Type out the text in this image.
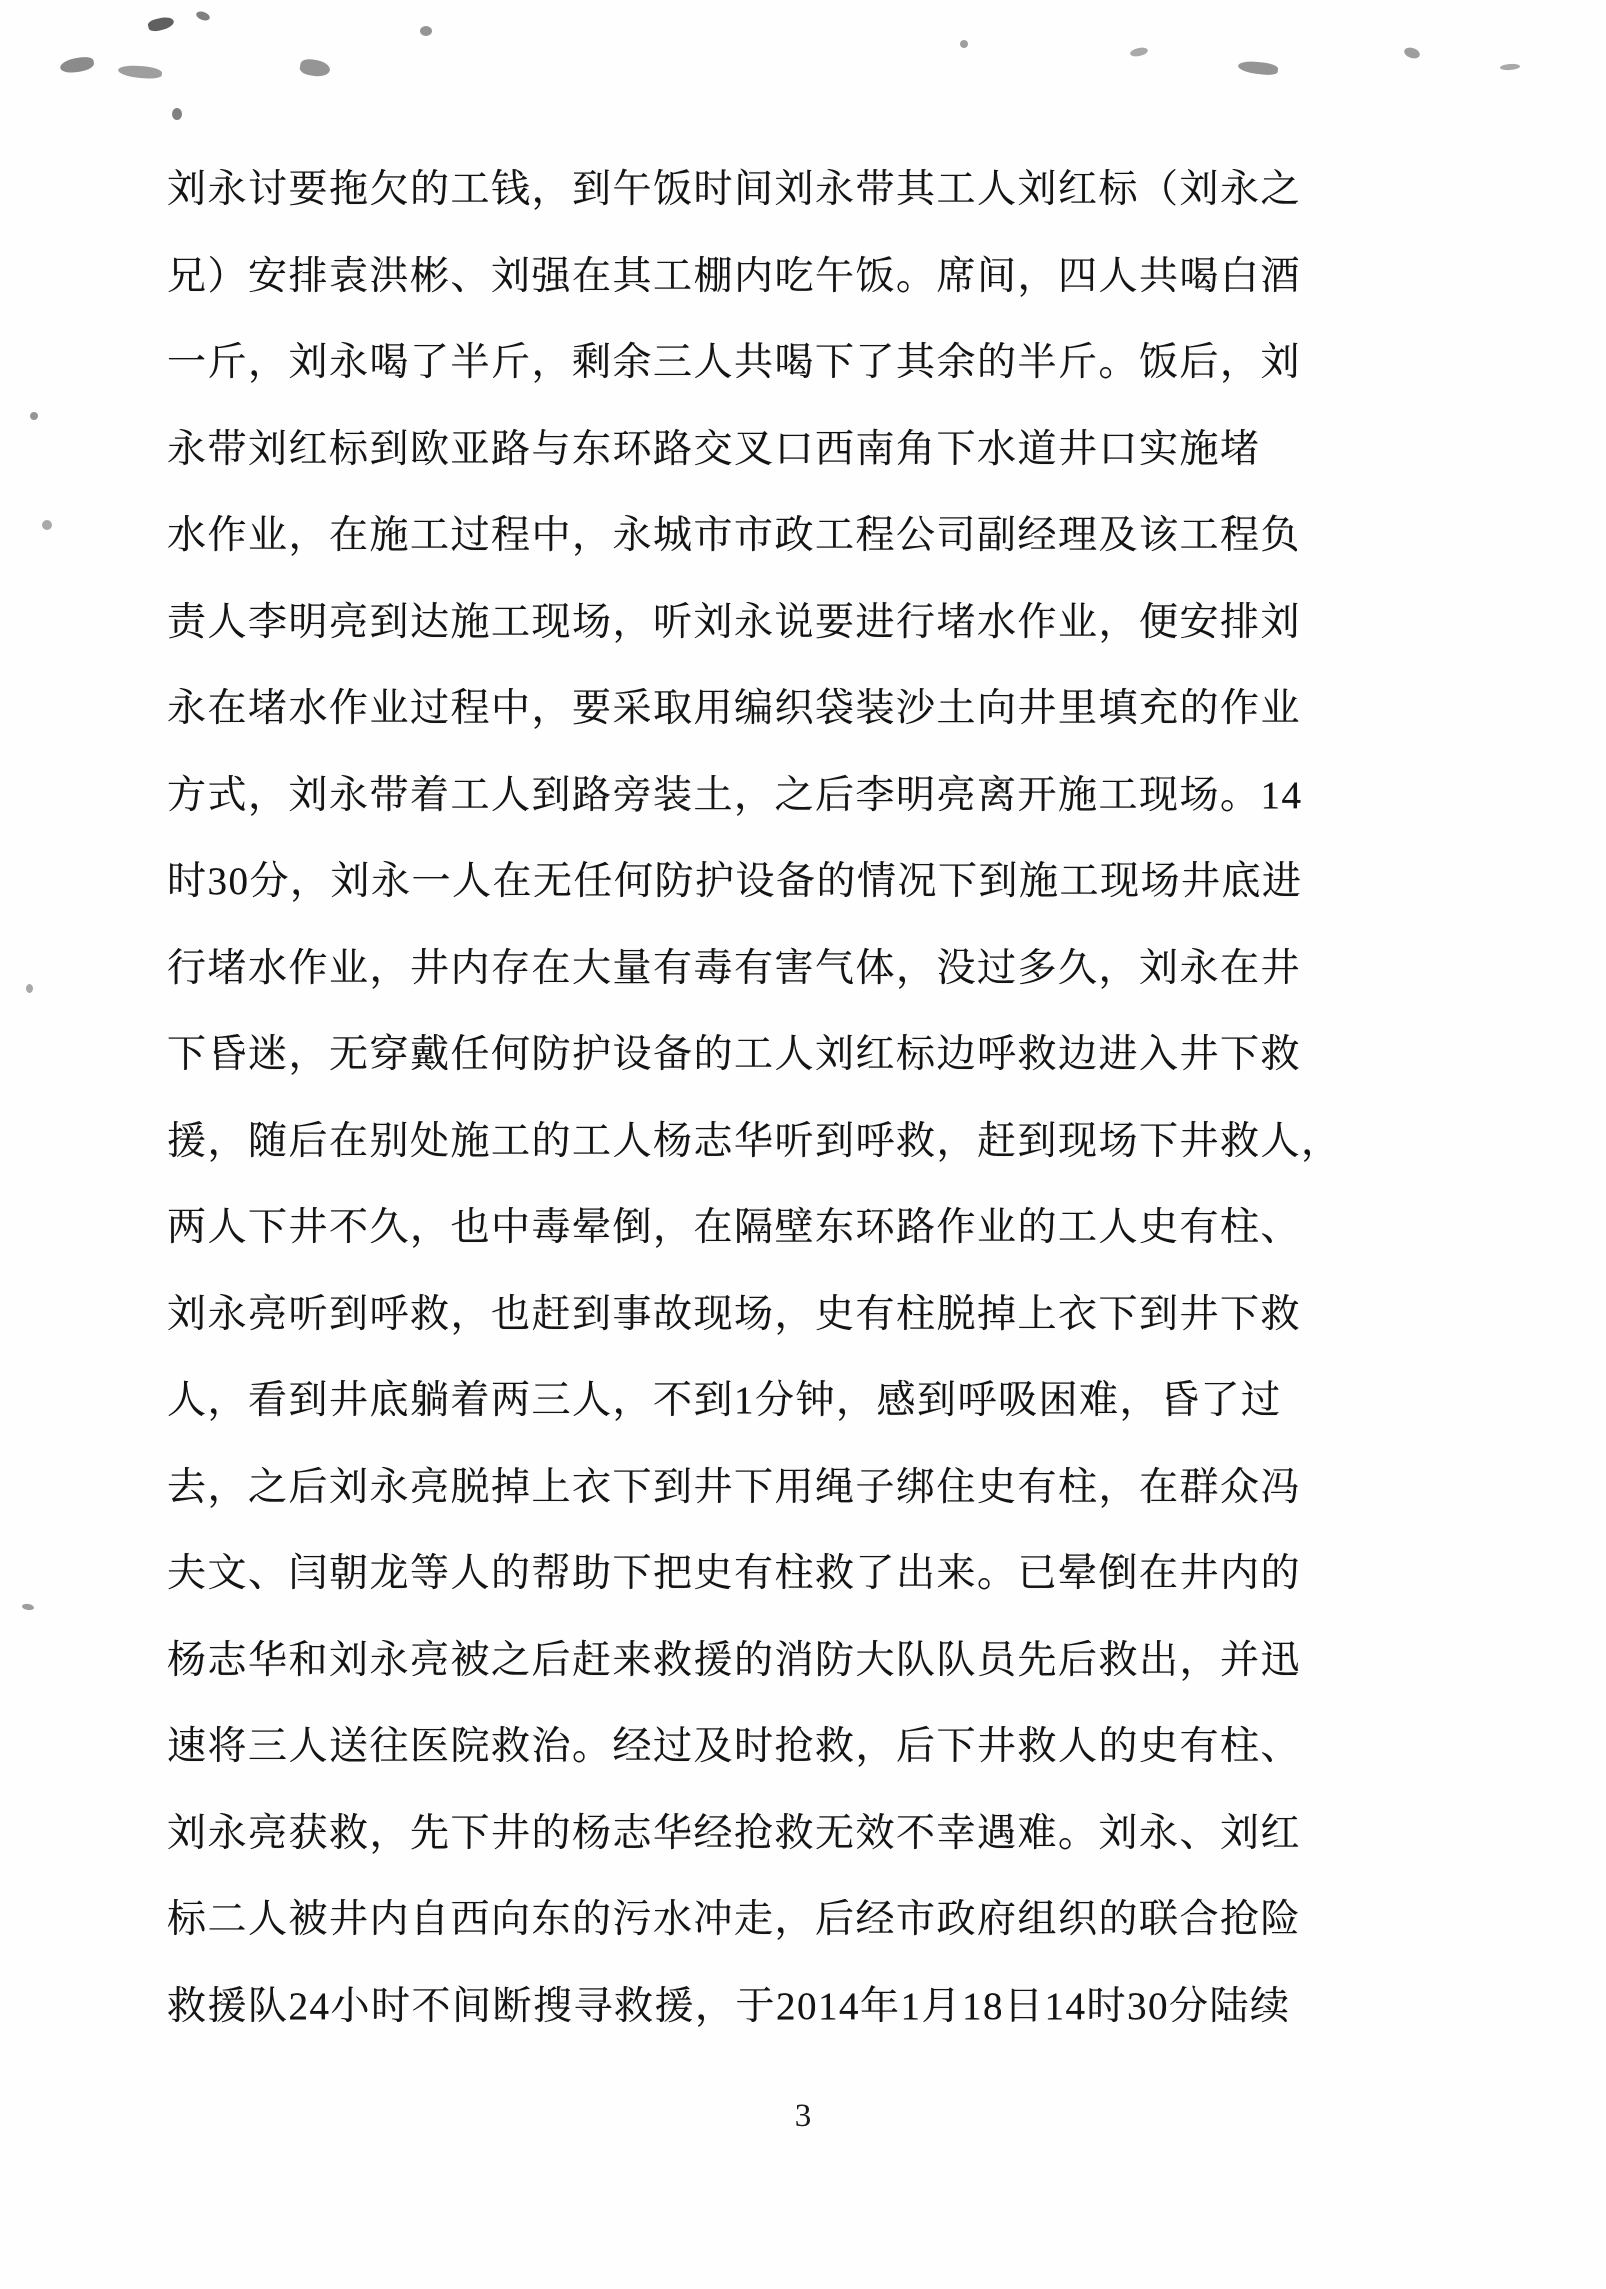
刘永讨要拖欠的工钱，到午饭时间刘永带其工人刘红标（刘永之
兄）安排袁洪彬、刘强在其工棚内吃午饭。席间，四人共喝白酒
一斤，刘永喝了半斤，剩余三人共喝下了其余的半斤。饭后，刘
永带刘红标到欧亚路与东环路交叉口西南角下水道井口实施堵
水作业，在施工过程中，永城市市政工程公司副经理及该工程负
责人李明亮到达施工现场，听刘永说要进行堵水作业，便安排刘
永在堵水作业过程中，要采取用编织袋装沙土向井里填充的作业
方式，刘永带着工人到路旁装土，之后李明亮离开施工现场。14
时30分，刘永一人在无任何防护设备的情况下到施工现场井底进
行堵水作业，井内存在大量有毒有害气体，没过多久，刘永在井
下昏迷，无穿戴任何防护设备的工人刘红标边呼救边进入井下救
援，随后在别处施工的工人杨志华听到呼救，赶到现场下井救人，
两人下井不久，也中毒晕倒，在隔壁东环路作业的工人史有柱、
刘永亮听到呼救，也赶到事故现场，史有柱脱掉上衣下到井下救
人，看到井底躺着两三人，不到1分钟，感到呼吸困难，昏了过
去，之后刘永亮脱掉上衣下到井下用绳子绑住史有柱，在群众冯
夫文、闫朝龙等人的帮助下把史有柱救了出来。已晕倒在井内的
杨志华和刘永亮被之后赶来救援的消防大队队员先后救出，并迅
速将三人送往医院救治。经过及时抢救，后下井救人的史有柱、
刘永亮获救，先下井的杨志华经抢救无效不幸遇难。刘永、刘红
标二人被井内自西向东的污水冲走，后经市政府组织的联合抢险
救援队24小时不间断搜寻救援，于2014年1月18日14时30分陆续
3
